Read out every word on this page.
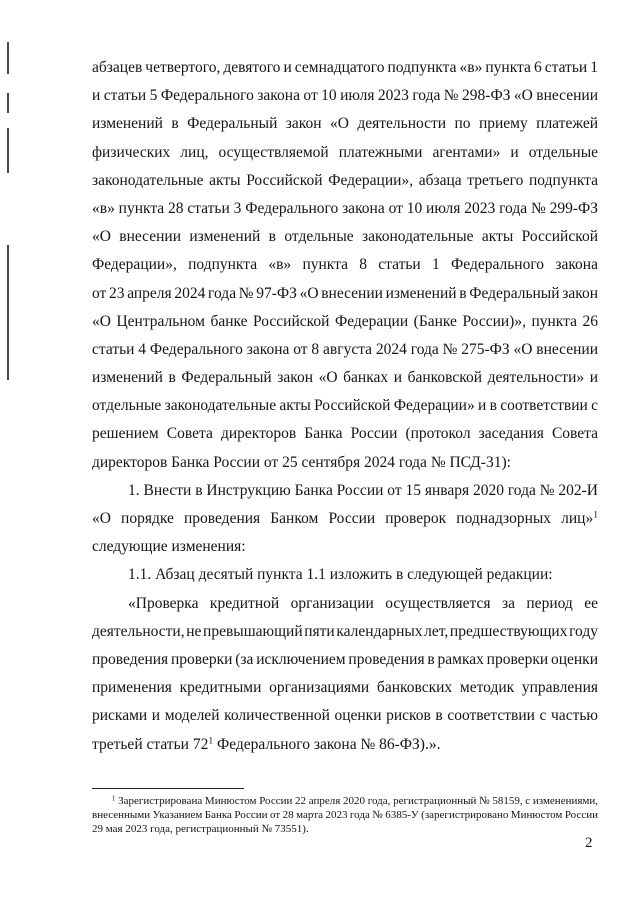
абзацев четвертого, девятого и семнадцатого подпункта «в» пункта 6 статьи 1
и статьи 5 Федерального закона от 10 июля 2023 года № 298-ФЗ «О внесении
изменений в Федеральный закон «О деятельности по приему платежей
физических лиц, осуществляемой платежными агентами» и отдельные
законодательные акты Российской Федерации», абзаца третьего подпункта
«в» пункта 28 статьи 3 Федерального закона от 10 июля 2023 года № 299-ФЗ
«О внесении изменений в отдельные законодательные акты Российской
Федерации», подпункта «в» пункта 8 статьи 1 Федерального закона
от 23 апреля 2024 года № 97-ФЗ «О внесении изменений в Федеральный закон
«О Центральном банке Российской Федерации (Банке России)», пункта 26
статьи 4 Федерального закона от 8 августа 2024 года № 275-ФЗ «О внесении
изменений в Федеральный закон «О банках и банковской деятельности» и
отдельные законодательные акты Российской Федерации» и в соответствии с
решением Совета директоров Банка России (протокол заседания Совета
директоров Банка России от 25 сентября 2024 года № ПСД-31):
1. Внести в Инструкцию Банка России от 15 января 2020 года № 202-И
«О порядке проведения Банком России проверок поднадзорных лиц»$^1$
следующие изменения:
1.1. Абзац десятый пункта 1.1 изложить в следующей редакции:
«Проверка кредитной организации осуществляется за период ее
деятельности, не превышающий пяти календарных лет, предшествующих году
проведения проверки (за исключением проведения в рамках проверки оценки
применения кредитными организациями банковских методик управления
рисками и моделей количественной оценки рисков в соответствии с частью
третьей статьи $72^1$ Федерального закона № 86-ФЗ).».
$^1$ Зарегистрирована Минюстом России 22 апреля 2020 года, регистрационный № 58159, с изменениями,
внесенными Указанием Банка России от 28 марта 2023 года № 6385-У (зарегистрировано Минюстом России
29 мая 2023 года, регистрационный № 73551).
2
